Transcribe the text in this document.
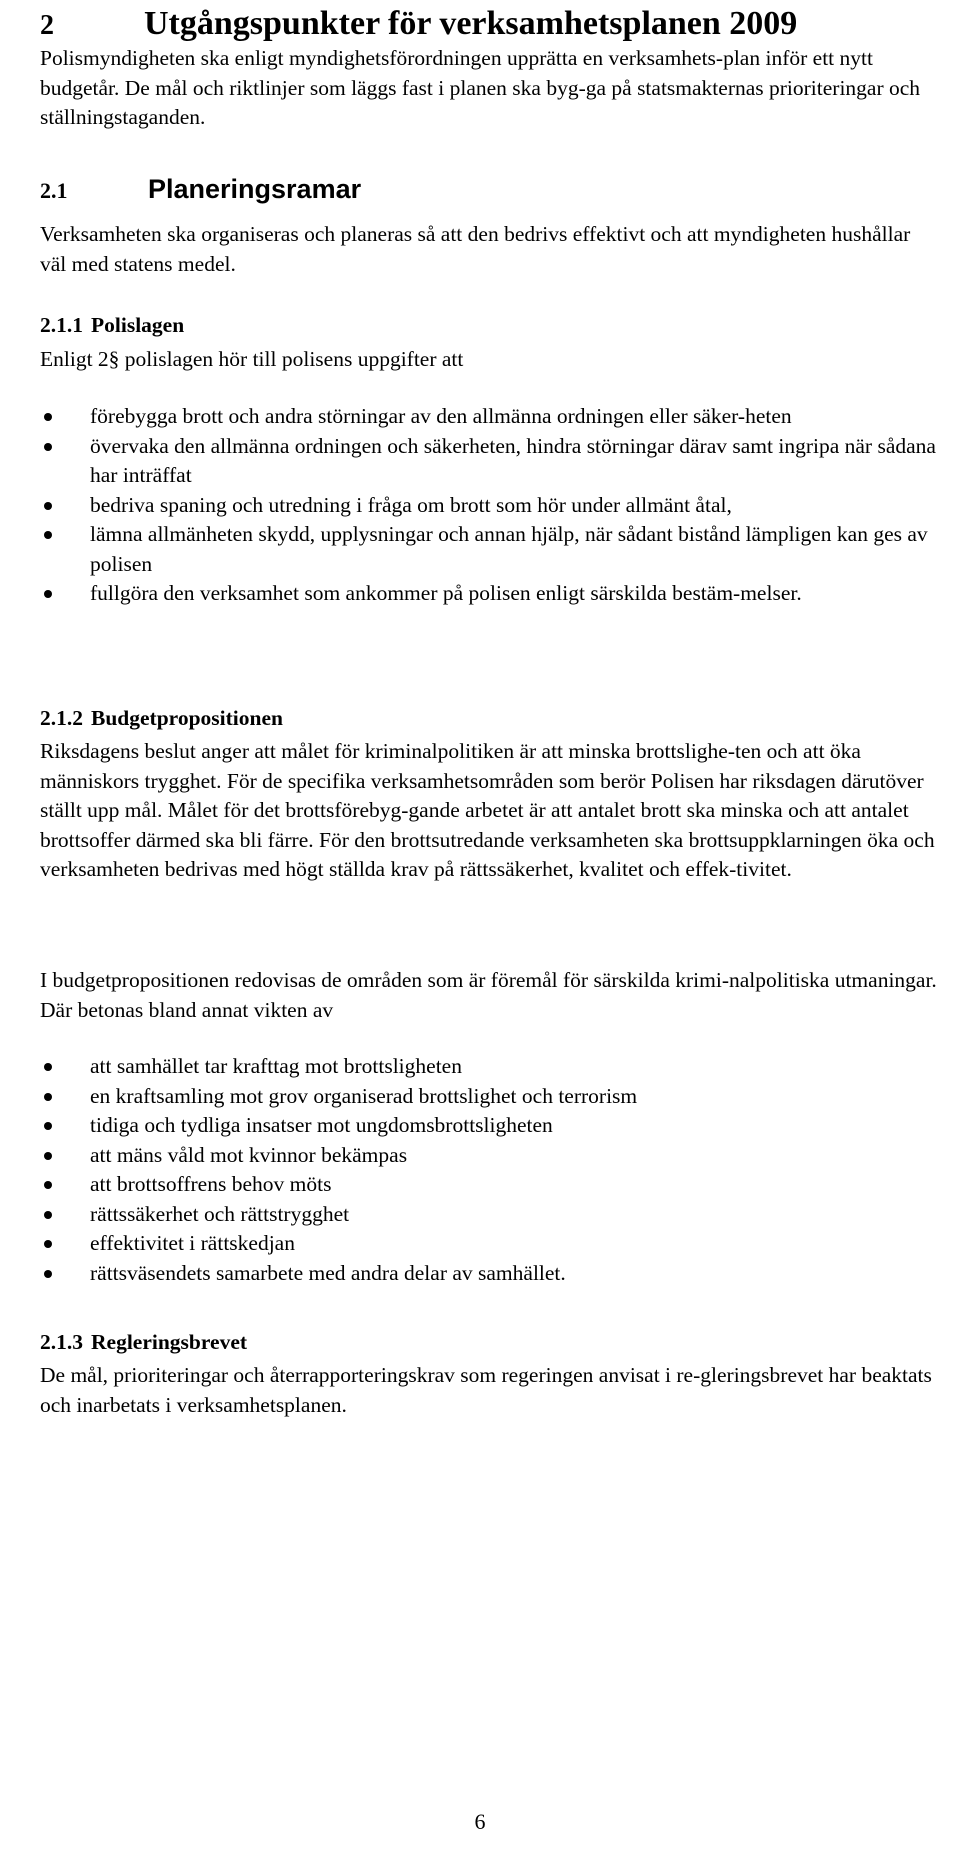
2	Utgångspunkter för verksamhetsplanen 2009
Polismyndigheten ska enligt myndighetsförordningen upprätta en verksamhets-plan inför ett nytt budgetår. De mål och riktlinjer som läggs fast i planen ska byg-ga på statsmakternas prioriteringar och ställningstaganden.
2.1	Planeringsramar
Verksamheten ska organiseras och planeras så att den bedrivs effektivt och att myndigheten hushållar väl med statens medel.
2.1.1 Polislagen
Enligt 2§ polislagen hör till polisens uppgifter att
förebygga brott och andra störningar av den allmänna ordningen eller säker-heten
övervaka den allmänna ordningen och säkerheten, hindra störningar därav samt ingripa när sådana har inträffat
bedriva spaning och utredning i fråga om brott som hör under allmänt åtal,
lämna allmänheten skydd, upplysningar och annan hjälp, när sådant bistånd lämpligen kan ges av polisen
fullgöra den verksamhet som ankommer på polisen enligt särskilda bestäm-melser.
2.1.2 Budgetpropositionen
Riksdagens beslut anger att målet för kriminalpolitiken är att minska brottslighe-ten och att öka människors trygghet. För de specifika verksamhetsområden som berör Polisen har riksdagen därutöver ställt upp mål. Målet för det brottsförebyg-gande arbetet är att antalet brott ska minska och att antalet brottsoffer därmed ska bli färre. För den brottsutredande verksamheten ska brottsuppklarningen öka och verksamheten bedrivas med högt ställda krav på rättssäkerhet, kvalitet och effek-tivitet.
I budgetpropositionen redovisas de områden som är föremål för särskilda krimi-nalpolitiska utmaningar. Där betonas bland annat vikten av
att samhället tar krafttag mot brottsligheten
en kraftsamling mot grov organiserad brottslighet och terrorism
tidiga och tydliga insatser mot ungdomsbrottsligheten
att mäns våld mot kvinnor bekämpas
att brottsoffrens behov möts
rättssäkerhet och rättstrygghet
effektivitet i rättskedjan
rättsväsendets samarbete med andra delar av samhället.
2.1.3 Regleringsbrevet
De mål, prioriteringar och återrapporteringskrav som regeringen anvisat i re-gleringsbrevet har beaktats och inarbetats i verksamhetsplanen.
6
